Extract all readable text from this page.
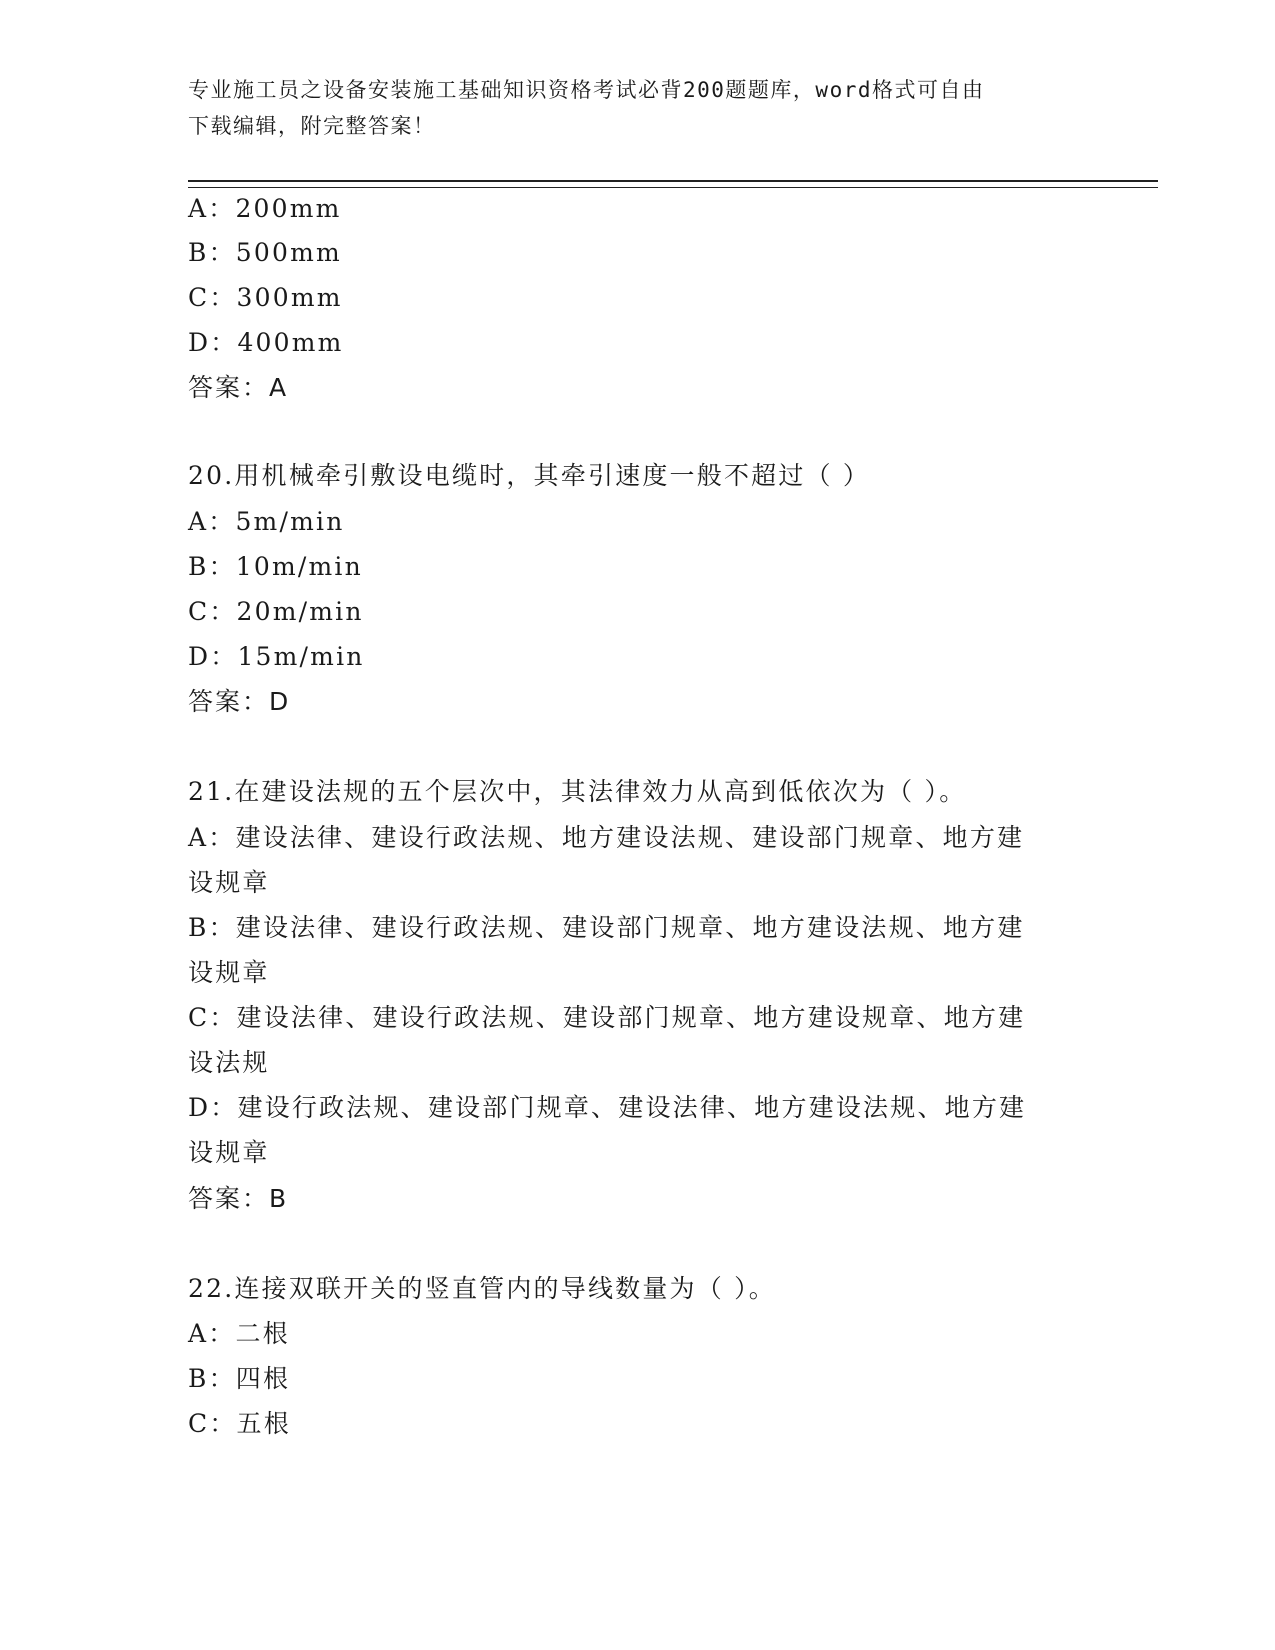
专业施工员之设备安装施工基础知识资格考试必背200题题库，word格式可自由
下载编辑，附完整答案！
A：200mm
B：500mm
C：300mm
D：400mm
答案：A
20.用机械牵引敷设电缆时，其牵引速度一般不超过（ ）
A：5m/min
B：10m/min
C：20m/min
D：15m/min
答案：D
21.在建设法规的五个层次中，其法律效力从高到低依次为（ ）。
A：建设法律、建设行政法规、地方建设法规、建设部门规章、地方建
设规章
B：建设法律、建设行政法规、建设部门规章、地方建设法规、地方建
设规章
C：建设法律、建设行政法规、建设部门规章、地方建设规章、地方建
设法规
D：建设行政法规、建设部门规章、建设法律、地方建设法规、地方建
设规章
答案：B
22.连接双联开关的竖直管内的导线数量为（ ）。
A：二根
B：四根
C：五根
